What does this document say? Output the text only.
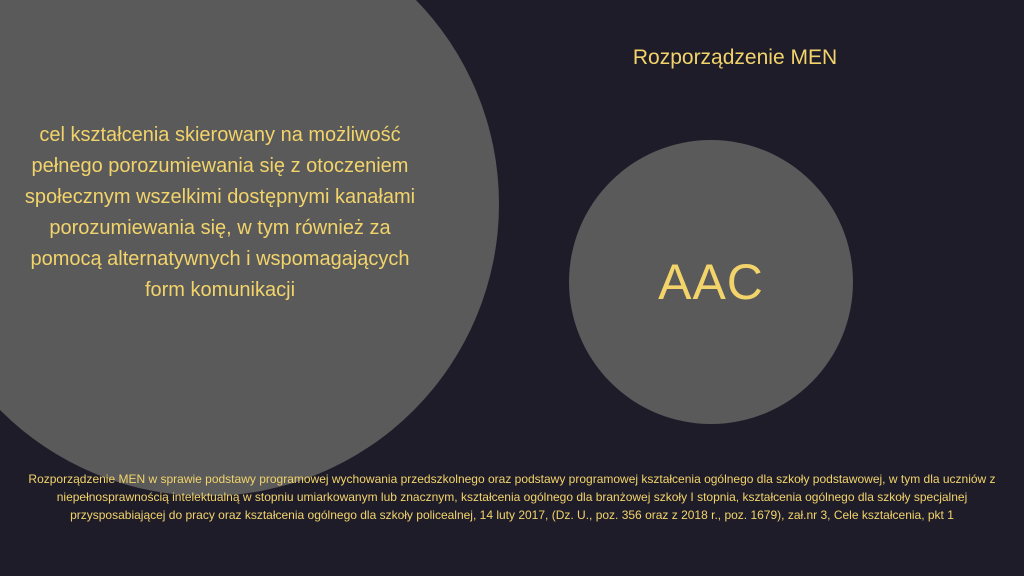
cel kształcenia skierowany na możliwość pełnego porozumiewania się z otoczeniem społecznym wszelkimi dostępnymi kanałami porozumiewania się, w tym również za pomocą alternatywnych i wspomagających form komunikacji
Rozporządzenie MEN
AAC
Rozporządzenie MEN w sprawie podstawy programowej wychowania przedszkolnego oraz podstawy programowej kształcenia ogólnego dla szkoły podstawowej, w tym dla uczniów z niepełnosprawnością intelektualną w stopniu umiarkowanym lub znacznym, kształcenia ogólnego dla branżowej szkoły I stopnia, kształcenia ogólnego dla szkoły specjalnej przysposabiającej do pracy oraz kształcenia ogólnego dla szkoły policealnej, 14 luty 2017, (Dz. U., poz. 356 oraz z 2018 r., poz. 1679), zał.nr 3, Cele kształcenia, pkt 1
